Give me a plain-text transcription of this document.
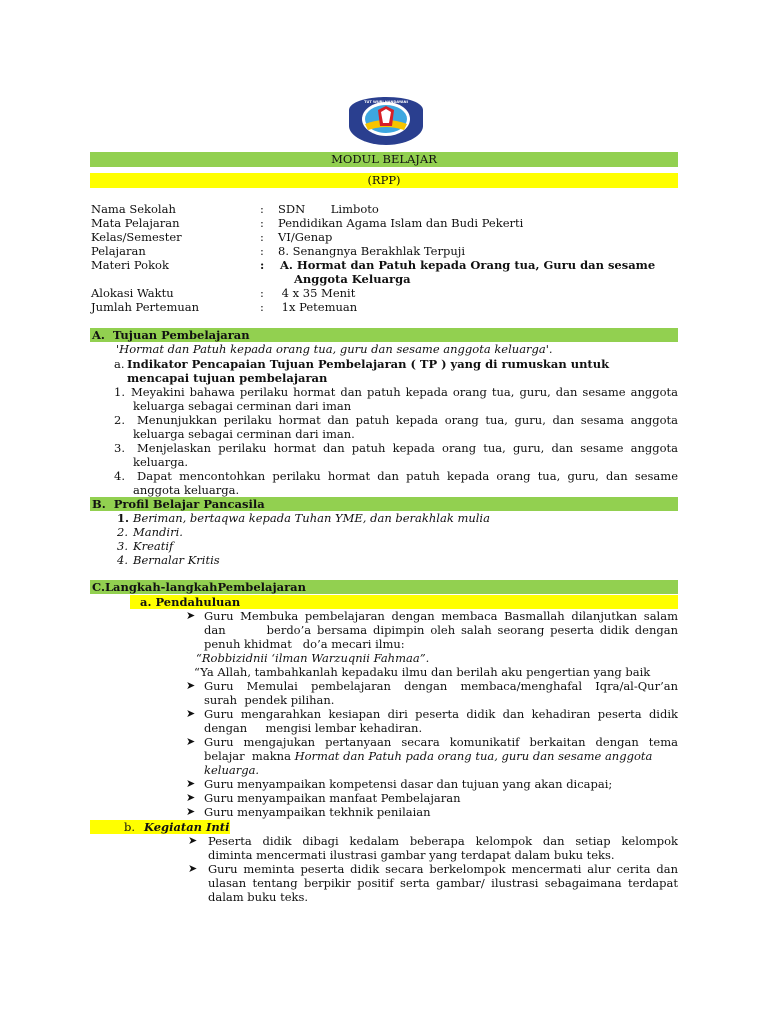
TUT WURI HANDAYANI
MODUL BELAJAR
(RPP)
Nama Sekolah	: SDN       Limboto
Mata Pelajaran	: Pendidikan Agama Islam dan Budi Pekerti
Kelas/Semester	: VI/Genap
Pelajaran	: 8. Senangnya Berakhlak Terpuji
Materi Pokok	: A. Hormat dan Patuh kepada Orang tua, Guru dan sesame
Anggota Keluarga
Alokasi Waktu	: 4 x 35 Menit
Jumlah Pertemuan	: 1x Petemuan
A.  Tujuan Pembelajaran
'Hormat dan Patuh kepada orang tua, guru dan sesame anggota keluarga'.
a. Indikator Pencapaian Tujuan Pembelajaran ( TP ) yang di rumuskan untuk
mencapai tujuan pembelajaran
1. Meyakini bahawa perilaku hormat dan patuh kepada orang tua, guru, dan sesame anggota
keluarga sebagai cerminan dari iman
2. Menunjukkan perilaku hormat dan patuh kepada orang tua, guru, dan sesama anggota
keluarga sebagai cerminan dari iman.
3. Menjelaskan perilaku hormat dan patuh kepada orang tua, guru, dan sesame anggota
keluarga.
4. Dapat mencontohkan perilaku hormat dan patuh kepada orang tua, guru, dan sesame
anggota keluarga.
B.  Profil Belajar Pancasila
1. Beriman, bertaqwa kepada Tuhan YME, dan berakhlak mulia
2. Mandiri.
3. Kreatif
4. Bernalar Kritis
C.Langkah-langkahPembelajaran
a. Pendahuluan
➤ Guru Membuka pembelajaran dengan membaca Basmallah dilanjutkan salam
dan       berdo’a bersama dipimpin oleh salah seorang peserta didik dengan
penuh khidmat   do’a mecari ilmu:
“Robbizidnii ‘ilman Warzuqnii Fahmaa”.
“Ya Allah, tambahkanlah kepadaku ilmu dan berilah aku pengertian yang baik
➤ Guru Memulai pembelajaran dengan membaca/menghafal Iqra/al-Qur’an
surah  pendek pilihan.
➤ Guru mengarahkan kesiapan diri peserta didik dan kehadiran peserta didik
dengan     mengisi lembar kehadiran.
➤ Guru mengajukan pertanyaan secara komunikatif berkaitan dengan tema
belajar  makna Hormat dan Patuh pada orang tua, guru dan sesame anggota
keluarga.
➤ Guru menyampaikan kompetensi dasar dan tujuan yang akan dicapai;
➤ Guru menyampaikan manfaat Pembelajaran
➤ Guru menyampaikan tekhnik penilaian
b. Kegiatan Inti
➤ Peserta didik dibagi kedalam beberapa kelompok dan setiap kelompok
diminta mencermati ilustrasi gambar yang terdapat dalam buku teks.
➤ Guru meminta peserta didik secara berkelompok mencermati alur cerita dan
ulasan tentang berpikir positif serta gambar/ ilustrasi sebagaimana terdapat
dalam buku teks.
